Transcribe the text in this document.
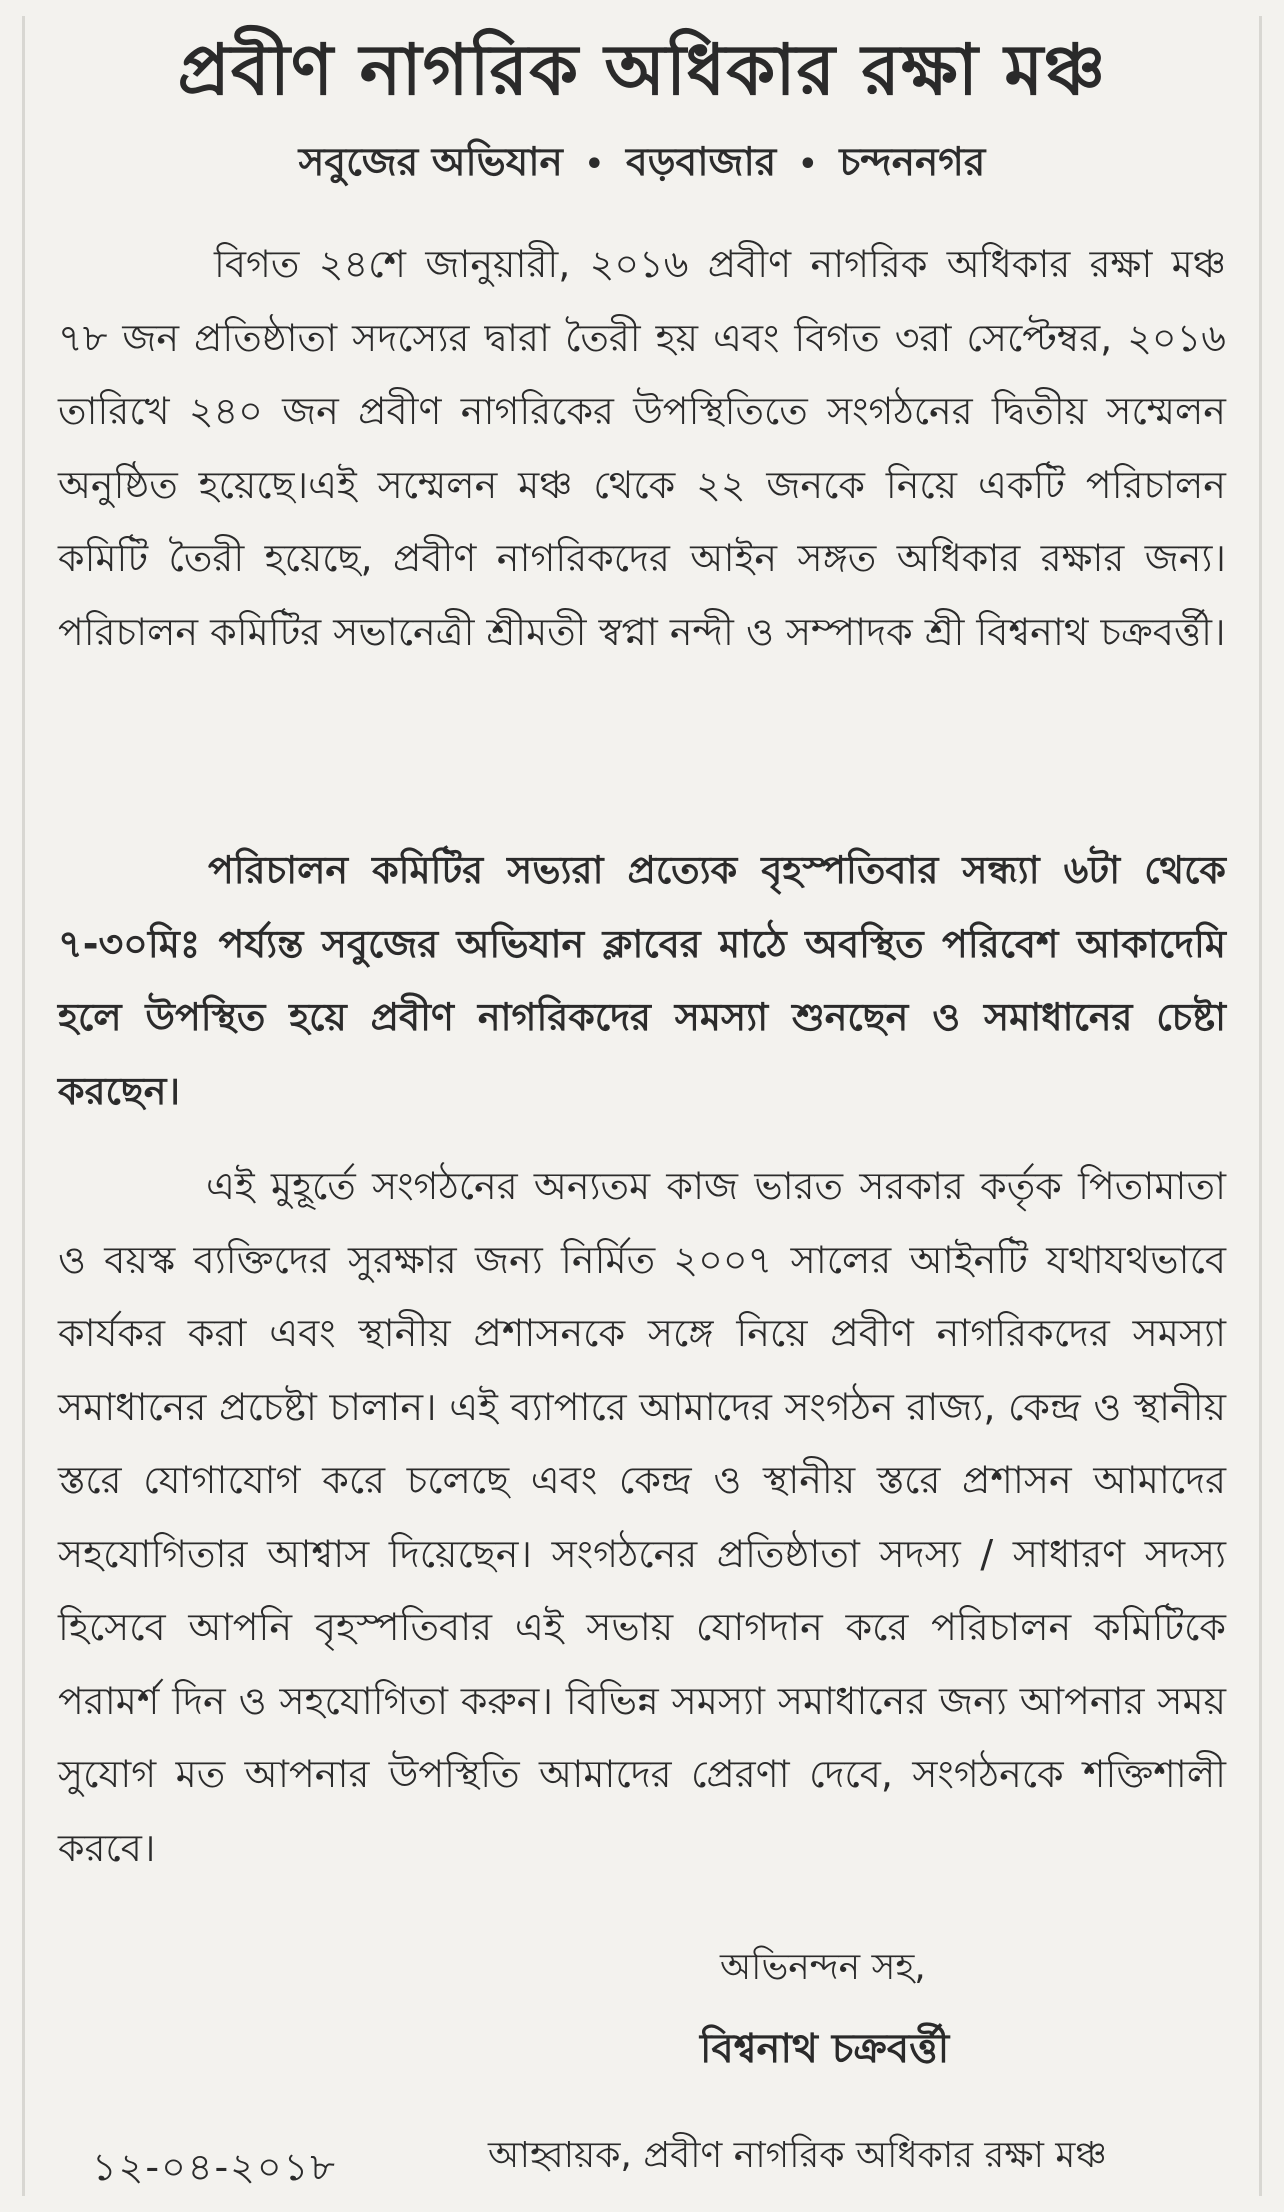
প্রবীণ নাগরিক অধিকার রক্ষা মঞ্চ
সবুজের অভিযান • বড়বাজার • চন্দননগর
বিগত ২৪শে জানুয়ারী, ২০১৬ প্রবীণ নাগরিক অধিকার রক্ষা মঞ্চ ৭৮ জন প্রতিষ্ঠাতা সদস্যের দ্বারা তৈরী হয় এবং বিগত ৩রা সেপ্টেম্বর, ২০১৬ তারিখে ২৪০ জন প্রবীণ নাগরিকের উপস্থিতিতে সংগঠনের দ্বিতীয় সম্মেলন অনুষ্ঠিত হয়েছে।এই সম্মেলন মঞ্চ থেকে ২২ জনকে নিয়ে একটি পরিচালন কমিটি তৈরী হয়েছে, প্রবীণ নাগরিকদের আইন সঙ্গত অধিকার রক্ষার জন্য। পরিচালন কমিটির সভানেত্রী শ্রীমতী স্বপ্না নন্দী ও সম্পাদক শ্রী বিশ্বনাথ চক্রবর্ত্তী।
পরিচালন কমিটির সভ্যরা প্রত্যেক বৃহস্পতিবার সন্ধ্যা ৬টা থেকে ৭-৩০মিঃ পর্য্যন্ত সবুজের অভিযান ক্লাবের মাঠে অবস্থিত পরিবেশ আকাদেমি হলে উপস্থিত হয়ে প্রবীণ নাগরিকদের সমস্যা শুনছেন ও সমাধানের চেষ্টা করছেন।
এই মুহূর্তে সংগঠনের অন্যতম কাজ ভারত সরকার কর্তৃক পিতামাতা ও বয়স্ক ব্যক্তিদের সুরক্ষার জন্য নির্মিত ২০০৭ সালের আইনটি যথাযথভাবে কার্যকর করা এবং স্থানীয় প্রশাসনকে সঙ্গে নিয়ে প্রবীণ নাগরিকদের সমস্যা সমাধানের প্রচেষ্টা চালান। এই ব্যাপারে আমাদের সংগঠন রাজ্য, কেন্দ্র ও স্থানীয় স্তরে যোগাযোগ করে চলেছে এবং কেন্দ্র ও স্থানীয় স্তরে প্রশাসন আমাদের সহযোগিতার আশ্বাস দিয়েছেন। সংগঠনের প্রতিষ্ঠাতা সদস্য / সাধারণ সদস্য হিসেবে আপনি বৃহস্পতিবার এই সভায় যোগদান করে পরিচালন কমিটিকে পরামর্শ দিন ও সহযোগিতা করুন। বিভিন্ন সমস্যা সমাধানের জন্য আপনার সময় সুযোগ মত আপনার উপস্থিতি আমাদের প্রেরণা দেবে, সংগঠনকে শক্তিশালী করবে।
অভিনন্দন সহ,
বিশ্বনাথ চক্রবর্ত্তী
১২-০৪-২০১৮	আহ্বায়ক, প্রবীণ নাগরিক অধিকার রক্ষা মঞ্চ
